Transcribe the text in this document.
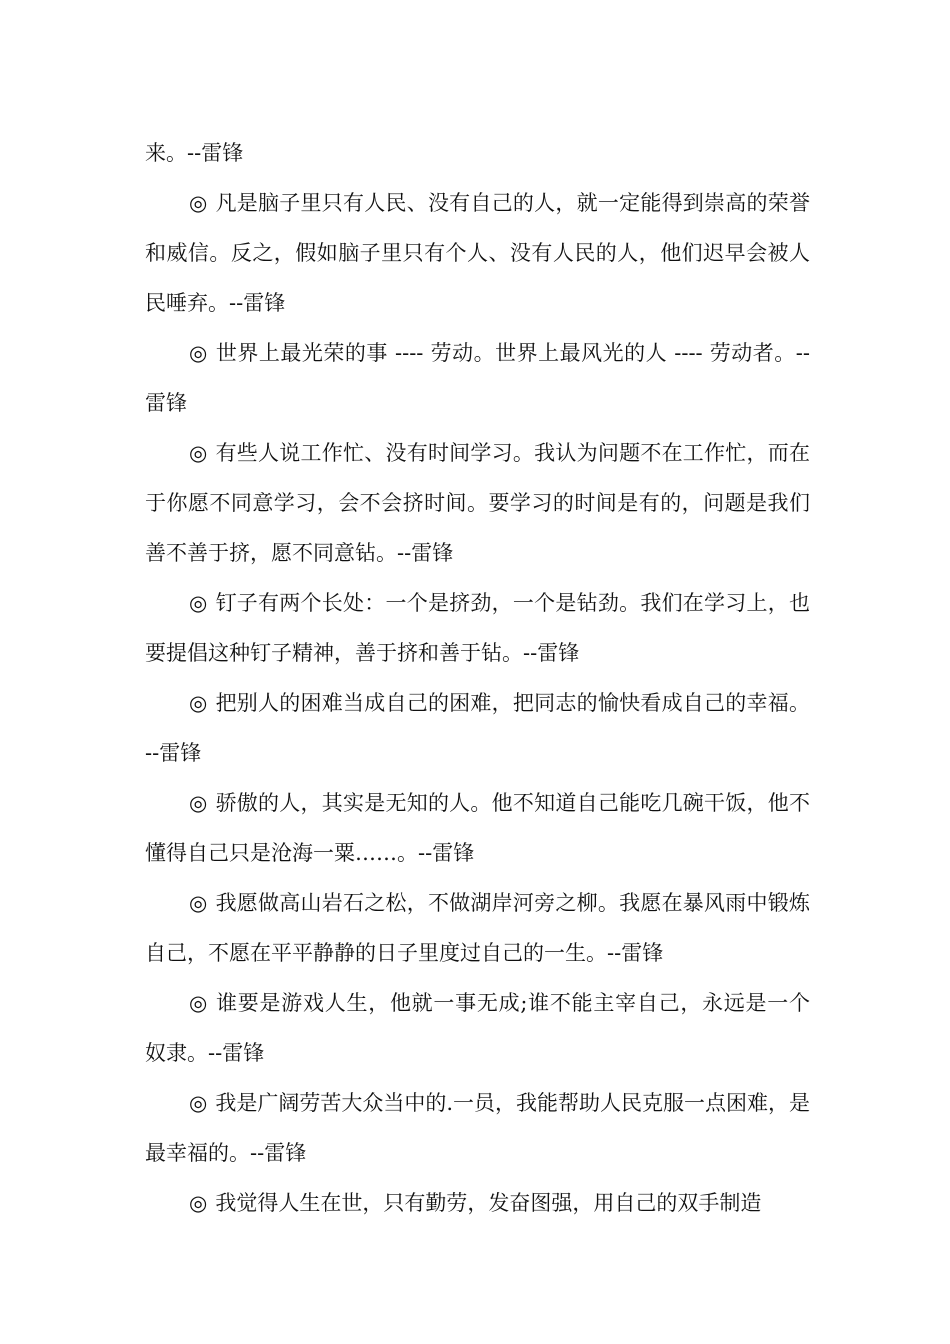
来。--雷锋

◎ 凡是脑子里只有人民、没有自己的人，就一定能得到崇高的荣誉和威信。反之，假如脑子里只有个人、没有人民的人，他们迟早会被人民唾弃。--雷锋

◎ 世界上最光荣的事 ---- 劳动。世界上最风光的人 ---- 劳动者。--雷锋

◎ 有些人说工作忙、没有时间学习。我认为问题不在工作忙，而在于你愿不同意学习，会不会挤时间。要学习的时间是有的，问题是我们善不善于挤，愿不同意钻。--雷锋

◎ 钉子有两个长处：一个是挤劲，一个是钻劲。我们在学习上，也要提倡这种钉子精神，善于挤和善于钻。--雷锋

◎ 把别人的困难当成自己的困难，把同志的愉快看成自己的幸福。--雷锋

◎ 骄傲的人，其实是无知的人。他不知道自己能吃几碗干饭，他不懂得自己只是沧海一粟……。--雷锋

◎ 我愿做高山岩石之松，不做湖岸河旁之柳。我愿在暴风雨中锻炼自己，不愿在平平静静的日子里度过自己的一生。--雷锋

◎ 谁要是游戏人生，他就一事无成;谁不能主宰自己，永远是一个奴隶。--雷锋

◎ 我是广阔劳苦大众当中的.一员，我能帮助人民克服一点困难，是最幸福的。--雷锋

◎ 我觉得人生在世，只有勤劳，发奋图强，用自己的双手制造
